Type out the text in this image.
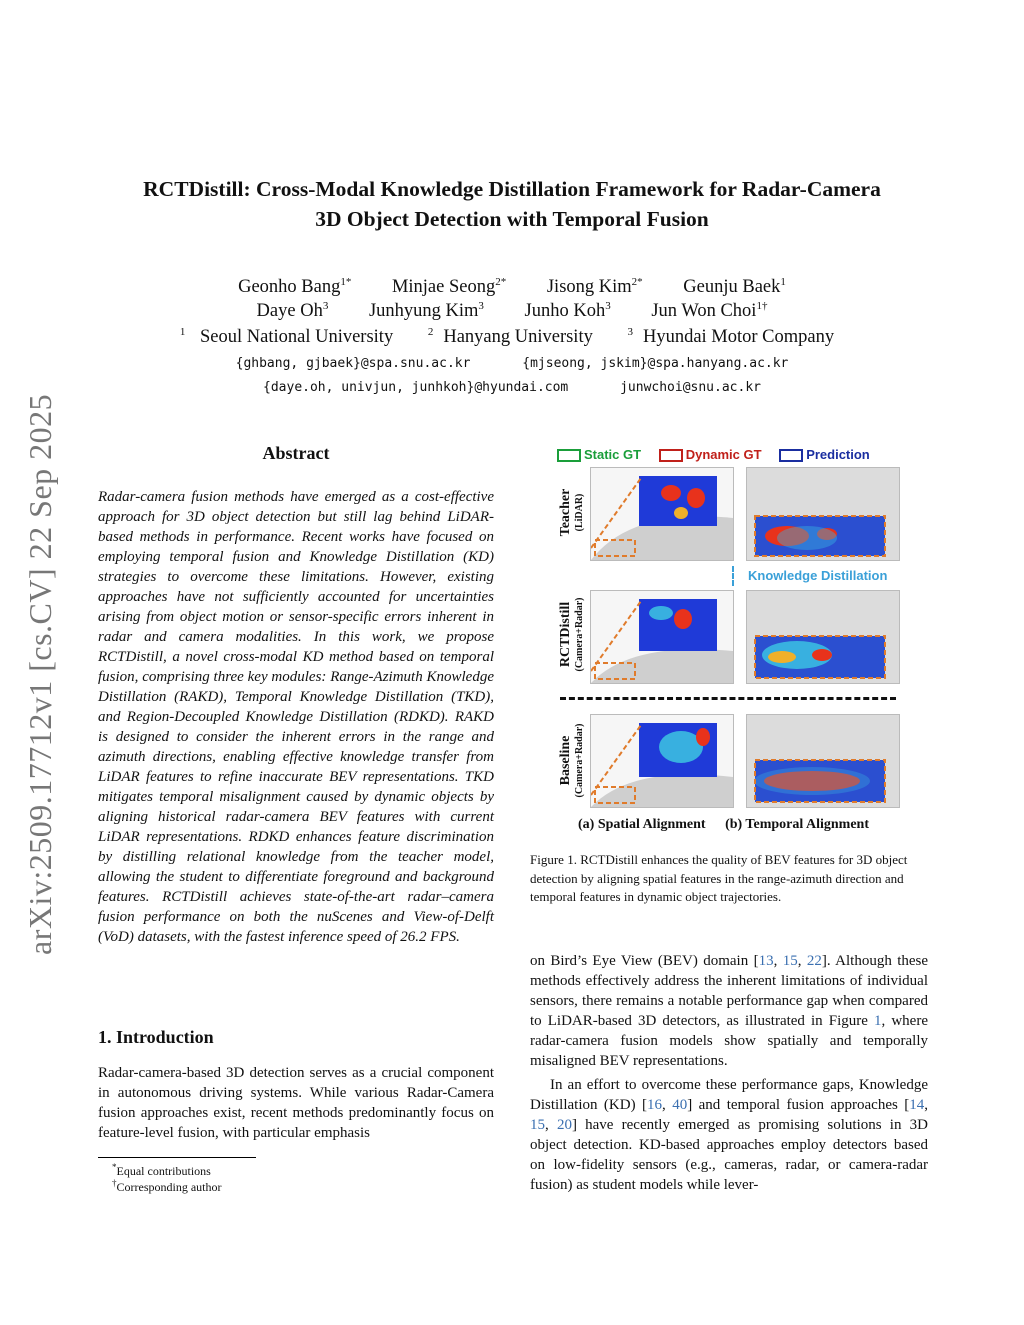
arXiv:2509.17712v1 [cs.CV] 22 Sep 2025
RCTDistill: Cross-Modal Knowledge Distillation Framework for Radar-Camera
3D Object Detection with Temporal Fusion
Geonho Bang$^{1*}$ Minjae Seong$^{2*}$ Jisong Kim$^{2*}$ Geunju Baek$^1$
Daye Oh$^3$ Junhyung Kim$^3$ Junho Koh$^3$ Jun Won Choi$^{1\dagger}$
$^1$ Seoul National University	$^2$ Hanyang University	$^3$ Hyundai Motor Company
{ghbang, gjbaek}@spa.snu.ac.kr	{mjseong, jskim}@spa.hanyang.ac.kr
{daye.oh, univjun, junhkoh}@hyundai.com	junwchoi@snu.ac.kr
Abstract
Radar-camera fusion methods have emerged as a cost-effective approach for 3D object detection but still lag behind LiDAR-based methods in performance. Recent works have focused on employing temporal fusion and Knowledge Distillation (KD) strategies to overcome these limitations. However, existing approaches have not sufficiently accounted for uncertainties arising from object motion or sensor-specific errors inherent in radar and camera modalities. In this work, we propose RCTDistill, a novel cross-modal KD method based on temporal fusion, comprising three key modules: Range-Azimuth Knowledge Distillation (RAKD), Temporal Knowledge Distillation (TKD), and Region-Decoupled Knowledge Distillation (RDKD). RAKD is designed to consider the inherent errors in the range and azimuth directions, enabling effective knowledge transfer from LiDAR features to refine inaccurate BEV representations. TKD mitigates temporal misalignment caused by dynamic objects by aligning historical radar-camera BEV features with current LiDAR representations. RDKD enhances feature discrimination by distilling relational knowledge from the teacher model, allowing the student to differentiate foreground and background features. RCTDistill achieves state-of-the-art radar–camera fusion performance on both the nuScenes and View-of-Delft (VoD) datasets, with the fastest inference speed of 26.2 FPS.
1. Introduction
Radar-camera-based 3D detection serves as a crucial component in autonomous driving systems. While various Radar-Camera fusion approaches exist, recent methods predominantly focus on feature-level fusion, with particular emphasis
*Equal contributions
†Corresponding author
Static GT	Dynamic GT	Prediction
Teacher (LiDAR)
RCTDistill (Camera+Radar)
Baseline (Camera+Radar)
Knowledge Distillation
(a) Spatial Alignment (b) Temporal Alignment
Figure 1. RCTDistill enhances the quality of BEV features for 3D object detection by aligning spatial features in the range-azimuth direction and temporal features in dynamic object trajectories.
on Bird’s Eye View (BEV) domain [13, 15, 22]. Although these methods effectively address the inherent limitations of individual sensors, there remains a notable performance gap when compared to LiDAR-based 3D detectors, as illustrated in Figure 1, where radar-camera fusion models show spatially and temporally misaligned BEV representations.
In an effort to overcome these performance gaps, Knowledge Distillation (KD) [16, 40] and temporal fusion approaches [14, 15, 20] have recently emerged as promising solutions in 3D object detection. KD-based approaches employ detectors based on low-fidelity sensors (e.g., cameras, radar, or camera-radar fusion) as student models while lever-
